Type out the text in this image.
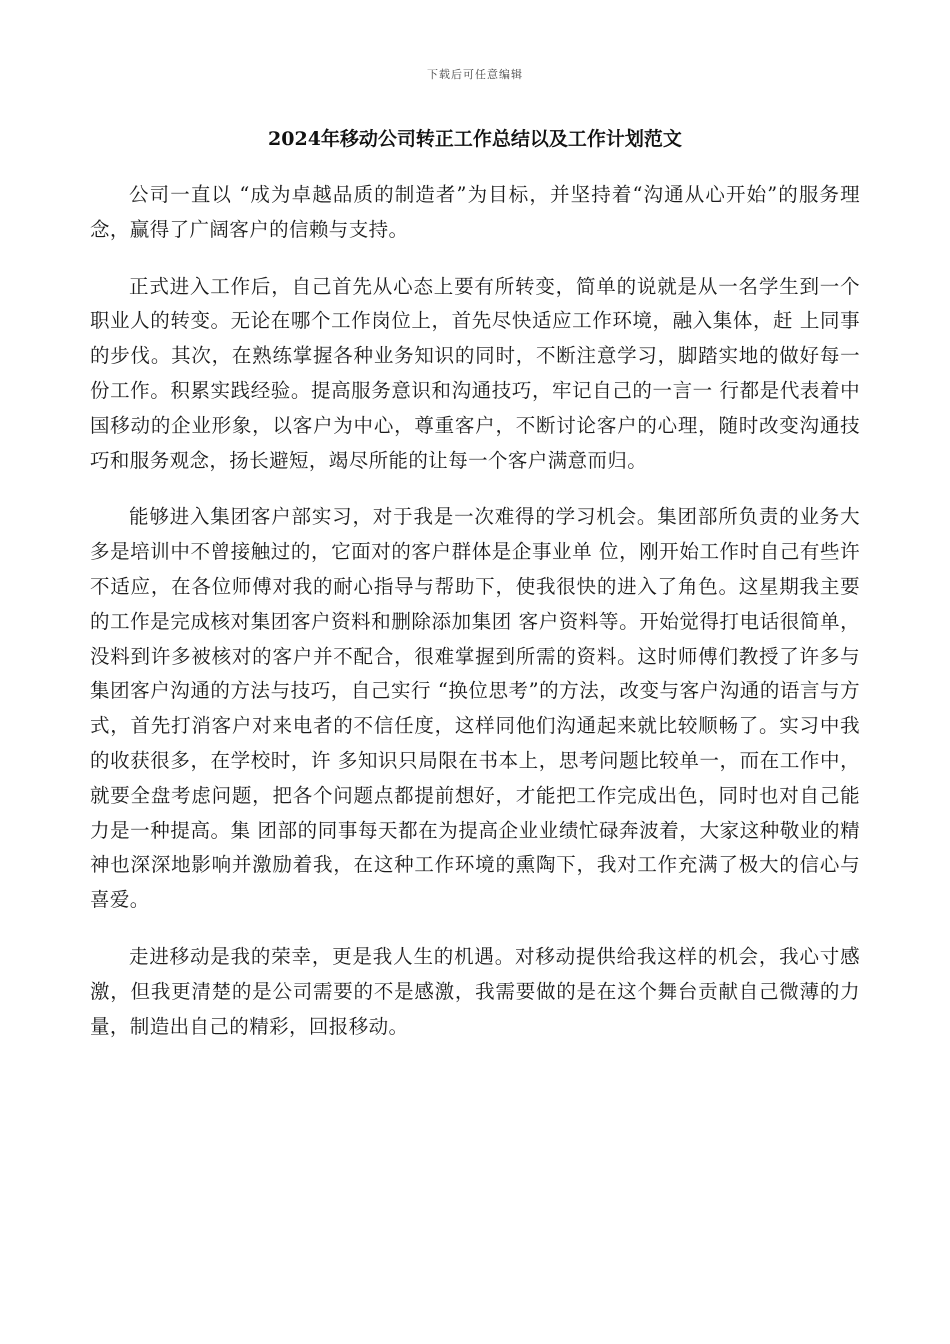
下载后可任意编辑
2024年移动公司转正工作总结以及工作计划范文

公司一直以 “成为卓越品质的制造者”为目标，并坚持着“沟通从心开始”的服务理念，赢得了广阔客户的信赖与支持。

正式进入工作后，自己首先从心态上要有所转变，简单的说就是从一名学生到一个职业人的转变。无论在哪个工作岗位上，首先尽快适应工作环境，融入集体，赶 上同事的步伐。其次，在熟练掌握各种业务知识的同时，不断注意学习，脚踏实地的做好每一份工作。积累实践经验。提高服务意识和沟通技巧，牢记自己的一言一 行都是代表着中国移动的企业形象，以客户为中心，尊重客户，不断讨论客户的心理，随时改变沟通技巧和服务观念，扬长避短，竭尽所能的让每一个客户满意而归。

能够进入集团客户部实习，对于我是一次难得的学习机会。集团部所负责的业务大多是培训中不曾接触过的，它面对的客户群体是企事业单 位，刚开始工作时自己有些许不适应，在各位师傅对我的耐心指导与帮助下，使我很快的进入了角色。这星期我主要的工作是完成核对集团客户资料和删除添加集团 客户资料等。开始觉得打电话很简单，没料到许多被核对的客户并不配合，很难掌握到所需的资料。这时师傅们教授了许多与集团客户沟通的方法与技巧，自己实行 “换位思考”的方法，改变与客户沟通的语言与方式，首先打消客户对来电者的不信任度，这样同他们沟通起来就比较顺畅了。实习中我的收获很多，在学校时，许 多知识只局限在书本上，思考问题比较单一，而在工作中，就要全盘考虑问题，把各个问题点都提前想好，才能把工作完成出色，同时也对自己能力是一种提高。集 团部的同事每天都在为提高企业业绩忙碌奔波着，大家这种敬业的精神也深深地影响并激励着我，在这种工作环境的熏陶下，我对工作充满了极大的信心与喜爱。

走进移动是我的荣幸，更是我人生的机遇。对移动提供给我这样的机会，我心寸感激，但我更清楚的是公司需要的不是感激，我需要做的是在这个舞台贡献自己微薄的力量，制造出自己的精彩，回报移动。
